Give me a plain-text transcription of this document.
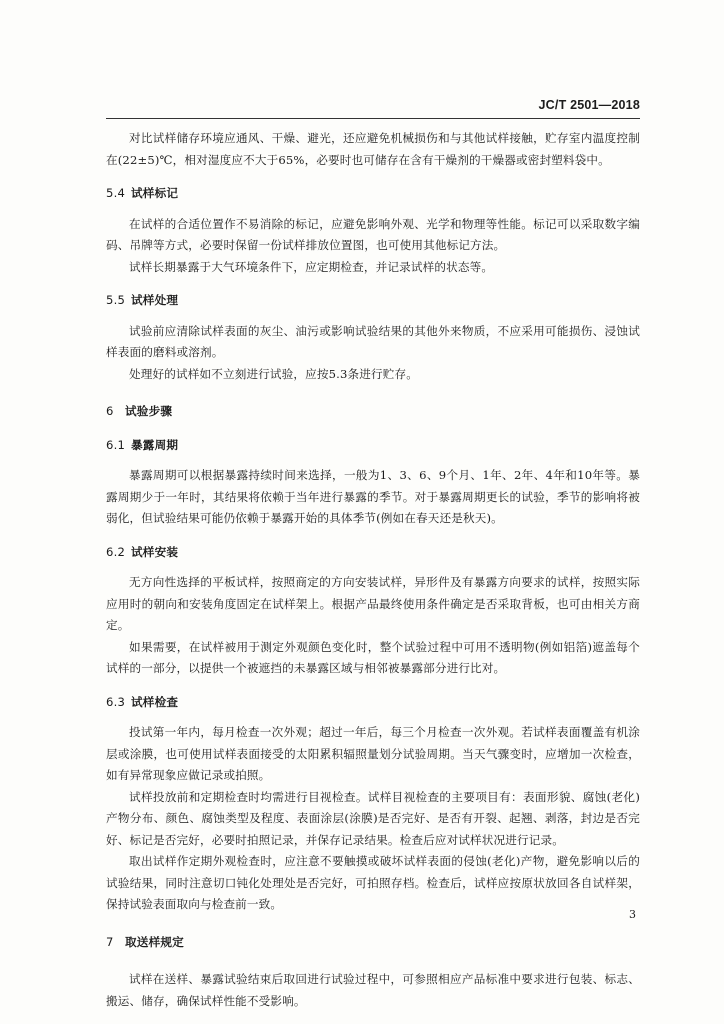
JC/T 2501—2018

对比试样储存环境应通风、干燥、避光，还应避免机械损伤和与其他试样接触，贮存室内温度控制在(22±5)℃，相对湿度应不大于65%，必要时也可储存在含有干燥剂的干燥器或密封塑料袋中。

5.4 试样标记

在试样的合适位置作不易消除的标记，应避免影响外观、光学和物理等性能。标记可以采取数字编码、吊牌等方式，必要时保留一份试样排放位置图，也可使用其他标记方法。

试样长期暴露于大气环境条件下，应定期检查，并记录试样的状态等。

5.5 试样处理

试验前应清除试样表面的灰尘、油污或影响试验结果的其他外来物质，不应采用可能损伤、浸蚀试样表面的磨料或溶剂。

处理好的试样如不立刻进行试验，应按5.3条进行贮存。

6 试验步骤
6.1 暴露周期

暴露周期可以根据暴露持续时间来选择，一般为1、3、6、9个月、1年、2年、4年和10年等。暴露周期少于一年时，其结果将依赖于当年进行暴露的季节。对于暴露周期更长的试验，季节的影响将被弱化，但试验结果可能仍依赖于暴露开始的具体季节(例如在春天还是秋天)。

6.2 试样安装

无方向性选择的平板试样，按照商定的方向安装试样，异形件及有暴露方向要求的试样，按照实际应用时的朝向和安装角度固定在试样架上。根据产品最终使用条件确定是否采取背板，也可由相关方商定。

如果需要，在试样被用于测定外观颜色变化时，整个试验过程中可用不透明物(例如铝箔)遮盖每个试样的一部分，以提供一个被遮挡的未暴露区域与相邻被暴露部分进行比对。

6.3 试样检查

投试第一年内，每月检查一次外观；超过一年后，每三个月检查一次外观。若试样表面覆盖有机涂层或涂膜，也可使用试样表面接受的太阳累积辐照量划分试验周期。当天气骤变时，应增加一次检查，如有异常现象应做记录或拍照。

试样投放前和定期检查时均需进行目视检查。试样目视检查的主要项目有：表面形貌、腐蚀(老化)产物分布、颜色、腐蚀类型及程度、表面涂层(涂膜)是否完好、是否有开裂、起翘、剥落，封边是否完好、标记是否完好，必要时拍照记录，并保存记录结果。检查后应对试样状况进行记录。

取出试样作定期外观检查时，应注意不要触摸或破坏试样表面的侵蚀(老化)产物，避免影响以后的试验结果，同时注意切口钝化处理处是否完好，可拍照存档。检查后，试样应按原状放回各自试样架，保持试验表面取向与检查前一致。

7 取送样规定

试样在送样、暴露试验结束后取回进行试验过程中，可参照相应产品标准中要求进行包装、标志、搬运、储存，确保试样性能不受影响。

3
